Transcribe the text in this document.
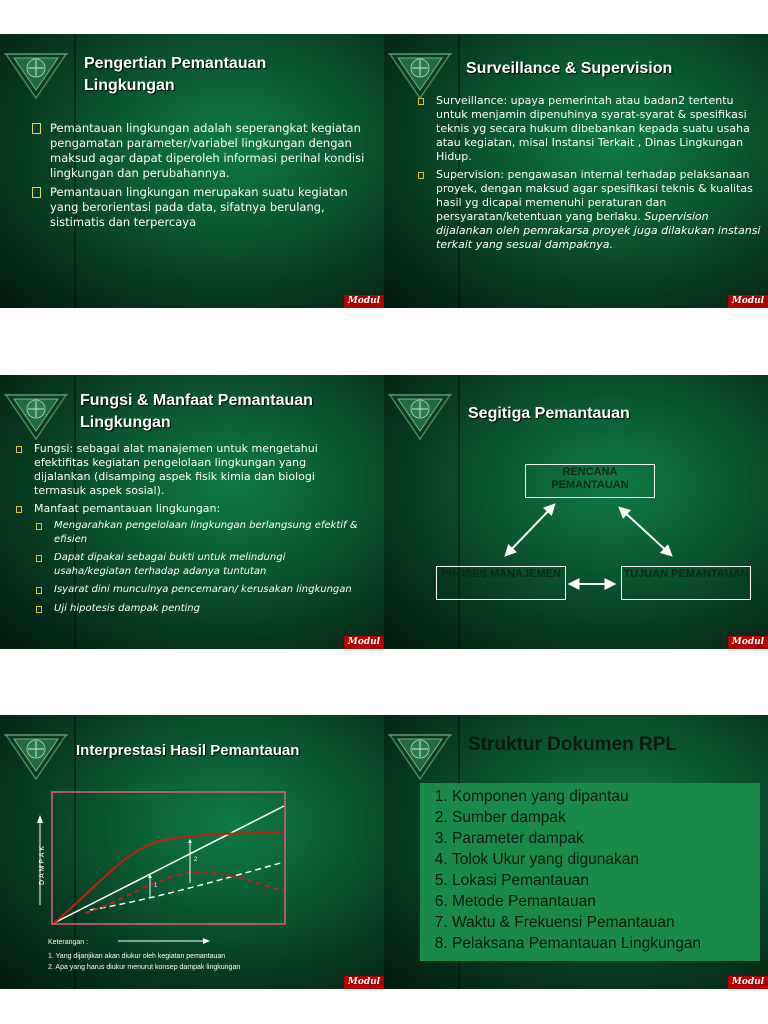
Pengertian Pemantauan Lingkungan
Pemantauan lingkungan adalah seperangkat kegiatan pengamatan parameter/variabel lingkungan dengan maksud agar dapat diperoleh informasi perihal kondisi lingkungan dan perubahannya.
Pemantauan lingkungan merupakan suatu kegiatan yang berorientasi pada data, sifatnya berulang, sistimatis dan terpercaya
Modul 7
Surveillance & Supervision
Surveillance: upaya pemerintah atau badan2 tertentu untuk menjamin dipenuhinya syarat-syarat & spesifikasi teknis yg secara hukum dibebankan kepada suatu usaha atau kegiatan, misal Instansi Terkait , Dinas Lingkungan Hidup.
Supervision: pengawasan internal terhadap pelaksanaan proyek, dengan maksud agar spesifikasi teknis & kualitas hasil yg dicapai memenuhi peraturan dan persyaratan/ketentuan yang berlaku. Supervision dijalankan oleh pemrakarsa proyek juga dilakukan instansi terkait yang sesuai dampaknya.
Modul 7
Fungsi & Manfaat Pemantauan Lingkungan
Fungsi: sebagai alat manajemen untuk mengetahui efektifitas kegiatan pengelolaan lingkungan yang dijalankan (disamping aspek fisik kimia dan biologi termasuk aspek sosial).
Manfaat pemantauan lingkungan:
Mengarahkan pengelolaan lingkungan berlangsung efektif & efisien
Dapat dipakai sebagai bukti untuk melindungi usaha/kegiatan terhadap adanya tuntutan
Isyarat dini munculnya pencemaran/ kerusakan lingkungan
Uji hipotesis dampak penting
Modul 7
Segitiga Pemantauan
RENCANA PEMANTAUAN
PROSES MANAJEMEN	TUJUAN PEMANTAUAN
Modul 7
Interprestasi Hasil Pemantauan
DAMPAK
1
2
Keterangan :
1. Yang dijanjikan akan diukur oleh kegiatan pemantauan
2. Apa yang harus diukur menurut konsep dampak lingkungan
Modul 7
Struktur Dokumen RPL
Modul 7
1. Komponen yang dipantau
2. Sumber dampak
3. Parameter dampak
4. Tolok Ukur yang digunakan
5. Lokasi Pemantauan
6. Metode Pemantauan
7. Waktu & Frekuensi Pemantauan
8. Pelaksana Pemantauan Lingkungan
